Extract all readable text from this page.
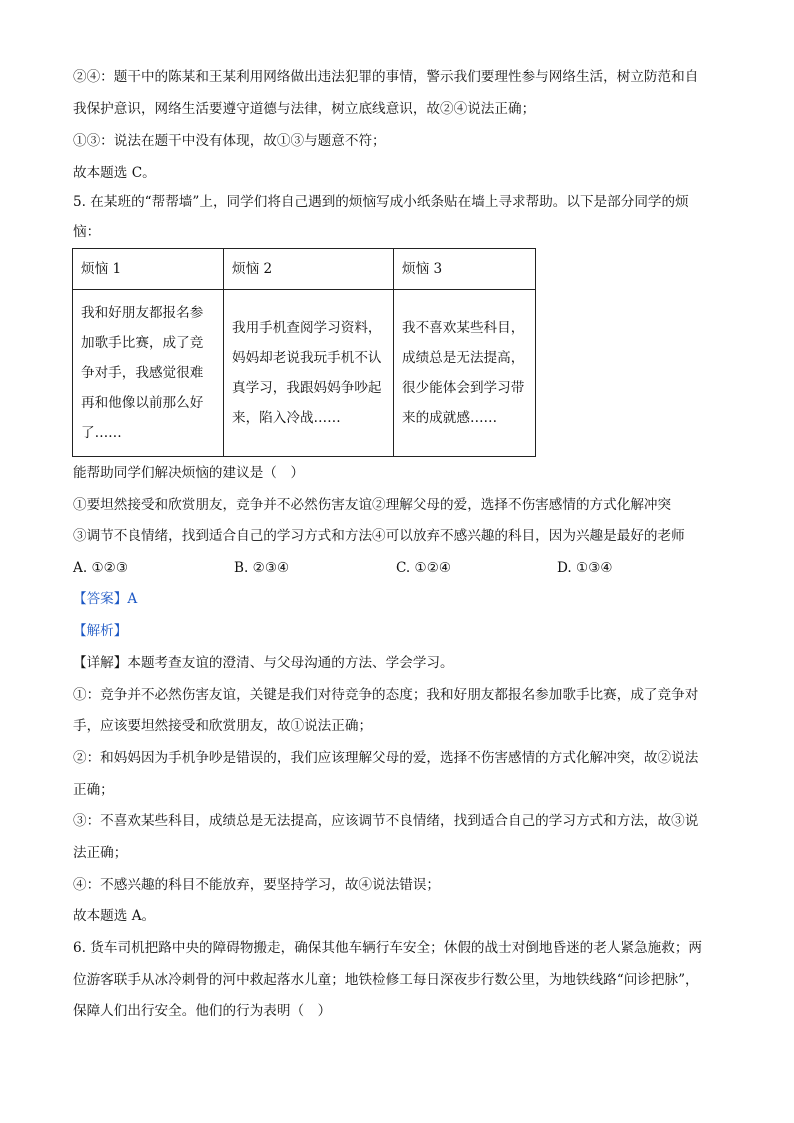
②④：题干中的陈某和王某利用网络做出违法犯罪的事情，警示我们要理性参与网络生活，树立防范和自
我保护意识，网络生活要遵守道德与法律，树立底线意识，故②④说法正确；
①③：说法在题干中没有体现，故①③与题意不符；
故本题选 C。
5. 在某班的“帮帮墙”上，同学们将自己遇到的烦恼写成小纸条贴在墙上寻求帮助。以下是部分同学的烦
恼：
烦恼 1	烦恼 2	烦恼 3

我和好朋友都报名参加歌手比赛，成了竞争对手，我感觉很难再和他像以前那么好了……	我用手机查阅学习资料，妈妈却老说我玩手机不认真学习，我跟妈妈争吵起来，陷入冷战……	我不喜欢某些科目，成绩总是无法提高，很少能体会到学习带来的成就感……
能帮助同学们解决烦恼的建议是（　）
①要坦然接受和欣赏朋友，竞争并不必然伤害友谊②理解父母的爱，选择不伤害感情的方式化解冲突
③调节不良情绪，找到适合自己的学习方式和方法④可以放弃不感兴趣的科目，因为兴趣是最好的老师
A. ①②③	B. ②③④	C. ①②④	D. ①③④
【答案】A
【解析】
【详解】本题考查友谊的澄清、与父母沟通的方法、学会学习。
①：竞争并不必然伤害友谊，关键是我们对待竞争的态度；我和好朋友都报名参加歌手比赛，成了竞争对
手，应该要坦然接受和欣赏朋友，故①说法正确；
②：和妈妈因为手机争吵是错误的，我们应该理解父母的爱，选择不伤害感情的方式化解冲突，故②说法
正确；
③：不喜欢某些科目，成绩总是无法提高，应该调节不良情绪，找到适合自己的学习方式和方法，故③说
法正确；
④：不感兴趣的科目不能放弃，要坚持学习，故④说法错误；
故本题选 A。
6. 货车司机把路中央的障碍物搬走，确保其他车辆行车安全；休假的战士对倒地昏迷的老人紧急施救；两
位游客联手从冰冷刺骨的河中救起落水儿童；地铁检修工每日深夜步行数公里，为地铁线路“问诊把脉”，
保障人们出行安全。他们的行为表明（　）
